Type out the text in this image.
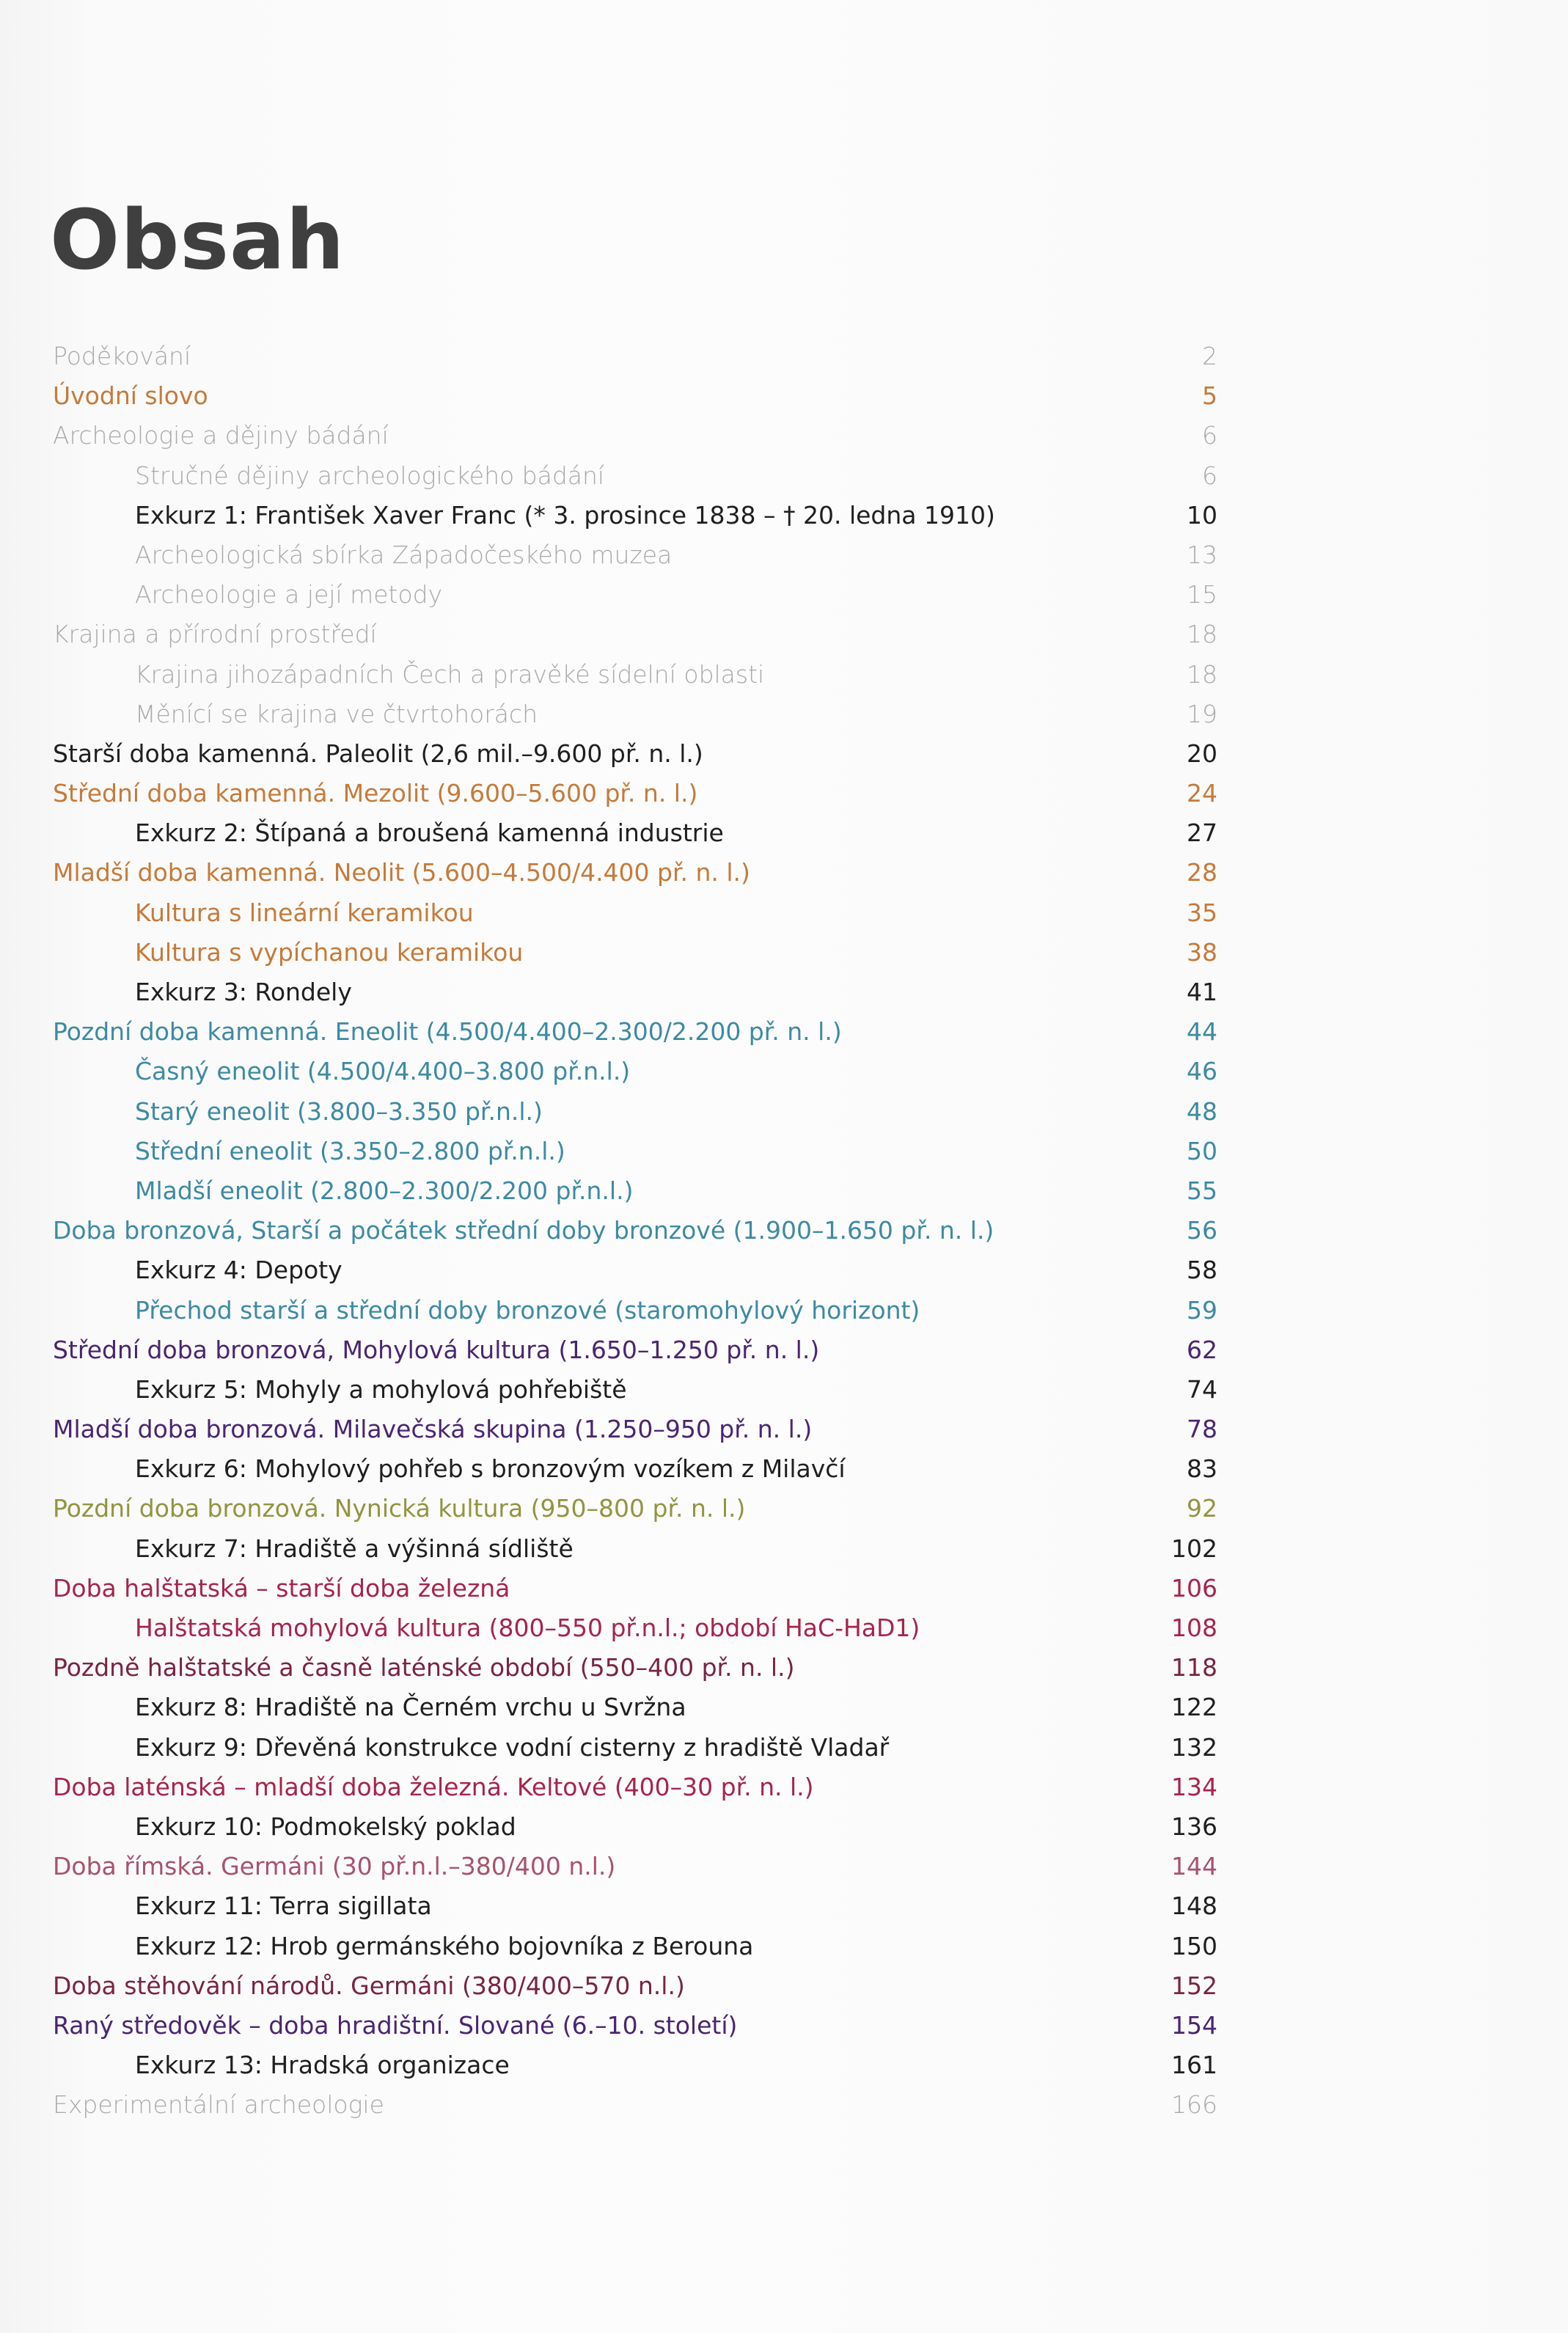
Obsah
Poděkování	2
Úvodní slovo	5
Archeologie a dějiny bádání	6
Stručné dějiny archeologického bádání	6
Exkurz 1: František Xaver Franc (* 3. prosince 1838 – † 20. ledna 1910)	10
Archeologická sbírka Západočeského muzea	13
Archeologie a její metody	15
Krajina a přírodní prostředí	18
Krajina jihozápadních Čech a pravěké sídelní oblasti	18
Měnící se krajina ve čtvrtohorách	19
Starší doba kamenná. Paleolit (2,6 mil.–9.600 př. n. l.)	20
Střední doba kamenná. Mezolit (9.600–5.600 př. n. l.)	24
Exkurz 2: Štípaná a broušená kamenná industrie	27
Mladší doba kamenná. Neolit (5.600–4.500/4.400 př. n. l.)	28
Kultura s lineární keramikou	35
Kultura s vypíchanou keramikou	38
Exkurz 3: Rondely	41
Pozdní doba kamenná. Eneolit (4.500/4.400–2.300/2.200 př. n. l.)	44
Časný eneolit (4.500/4.400–3.800 př.n.l.)	46
Starý eneolit (3.800–3.350 př.n.l.)	48
Střední eneolit (3.350–2.800 př.n.l.)	50
Mladší eneolit (2.800–2.300/2.200 př.n.l.)	55
Doba bronzová, Starší a počátek střední doby bronzové (1.900–1.650 př. n. l.)	56
Exkurz 4: Depoty	58
Přechod starší a střední doby bronzové (staromohylový horizont)	59
Střední doba bronzová, Mohylová kultura (1.650–1.250 př. n. l.)	62
Exkurz 5: Mohyly a mohylová pohřebiště	74
Mladší doba bronzová. Milavečská skupina (1.250–950 př. n. l.)	78
Exkurz 6: Mohylový pohřeb s bronzovým vozíkem z Milavčí	83
Pozdní doba bronzová. Nynická kultura (950–800 př. n. l.)	92
Exkurz 7: Hradiště a výšinná sídliště	102
Doba halštatská – starší doba železná	106
Halštatská mohylová kultura (800–550 př.n.l.; období HaC-HaD1)	108
Pozdně halštatské a časně laténské období (550–400 př. n. l.)	118
Exkurz 8: Hradiště na Černém vrchu u Svržna	122
Exkurz 9: Dřevěná konstrukce vodní cisterny z hradiště Vladař	132
Doba laténská – mladší doba železná. Keltové (400–30 př. n. l.)	134
Exkurz 10: Podmokelský poklad	136
Doba římská. Germáni (30 př.n.l.–380/400 n.l.)	144
Exkurz 11: Terra sigillata	148
Exkurz 12: Hrob germánského bojovníka z Berouna	150
Doba stěhování národů. Germáni (380/400–570 n.l.)	152
Raný středověk – doba hradištní. Slované (6.–10. století)	154
Exkurz 13: Hradská organizace	161
Experimentální archeologie	166
